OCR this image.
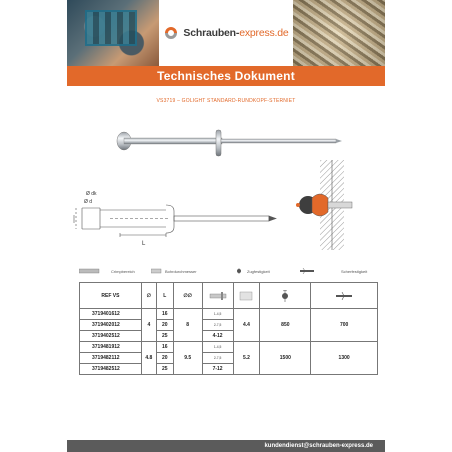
Schrauben-express.de
Technisches Dokument
VS3719 – GOLIGHT STANDARD-RUNDKOPF-STERNIET
Ø d
Ø dk
L
Crimpbereich	Bohrdurchmesser	Zugfestigkeit	Scherfestigkeit
REF VS	∅	L	∅∅	

3719401612	4	16	8	1-4,5	4.4	850	700
3719402012		20		2-7,5			
3719402512		25		4-12			
3719481912	4.8	16	9.5	1-4,5	5.2	1500	1300
3719482112		20		2-7,5			
3719482512		25		7-12			
kundendienst@schrauben-express.de
